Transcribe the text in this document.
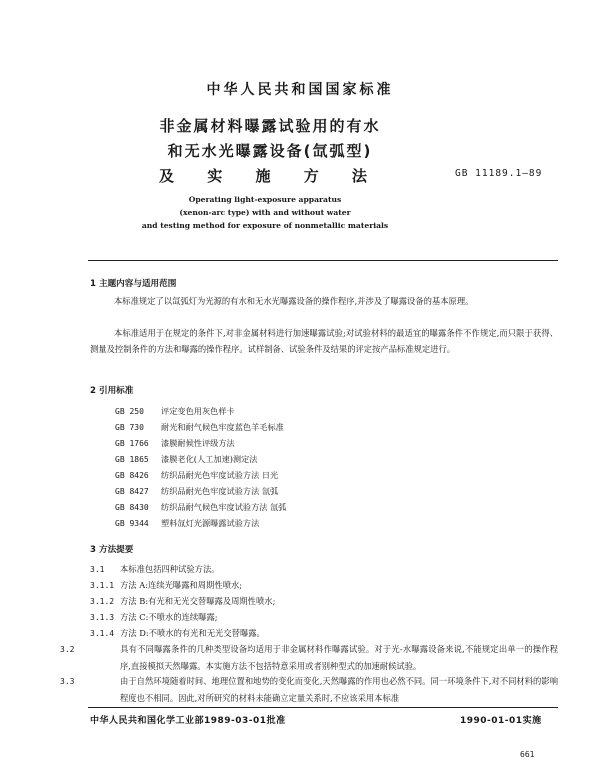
中华人民共和国国家标准
非金属材料曝露试验用的有水
和无水光曝露设备(氙弧型)
及 实 施 方 法	GB 11189.1—89
Operating light-exposure apparatus
(xenon-arc type) with and without water
and testing method for exposure of nonmetallic materials
1 主题内容与适用范围
本标准规定了以氙弧灯为光源的有水和无水光曝露设备的操作程序,并涉及了曝露设备的基本原理。
本标准适用于在规定的条件下,对非金属材料进行加速曝露试验;对试验材料的最适宜的曝露条件不作规定,而只限于获得、测量及控制条件的方法和曝露的操作程序。试样制备、试验条件及结果的评定按产品标准规定进行。
2 引用标准
GB 250 评定变色用灰色样卡
GB 730 耐光和耐气候色牢度蓝色羊毛标准
GB 1766 漆膜耐候性评级方法
GB 1865 漆膜老化(人工加速)测定法
GB 8426 纺织品耐光色牢度试验方法 日光
GB 8427 纺织品耐光色牢度试验方法 氙弧
GB 8430 纺织品耐气候色牢度试验方法 氙弧
GB 9344 塑料氙灯光源曝露试验方法
3 方法提要
3.1 本标准包括四种试验方法。
3.1.1 方法 A:连续光曝露和周期性喷水;
3.1.2 方法 B:有光和无光交替曝露及周期性喷水;
3.1.3 方法 C:不喷水的连续曝露;
3.1.4 方法 D:不喷水的有光和无光交替曝露。
3.2	具有不同曝露条件的几种类型设备均适用于非金属材料作曝露试验。对于光-水曝露设备来说,不能规定出单一的操作程序,直接模拟天然曝露。本实施方法不包括特意采用或者别种型式的加速耐候试验。
3.3	由于自然环境随着时间、地理位置和地势的变化而变化,天然曝露的作用也必然不同。同一环境条件下,对不同材料的影响程度也不相同。因此,对所研究的材料未能确立定量关系时,不应该采用本标准
中华人民共和国化学工业部1989-03-01批准	1990-01-01实施
661
